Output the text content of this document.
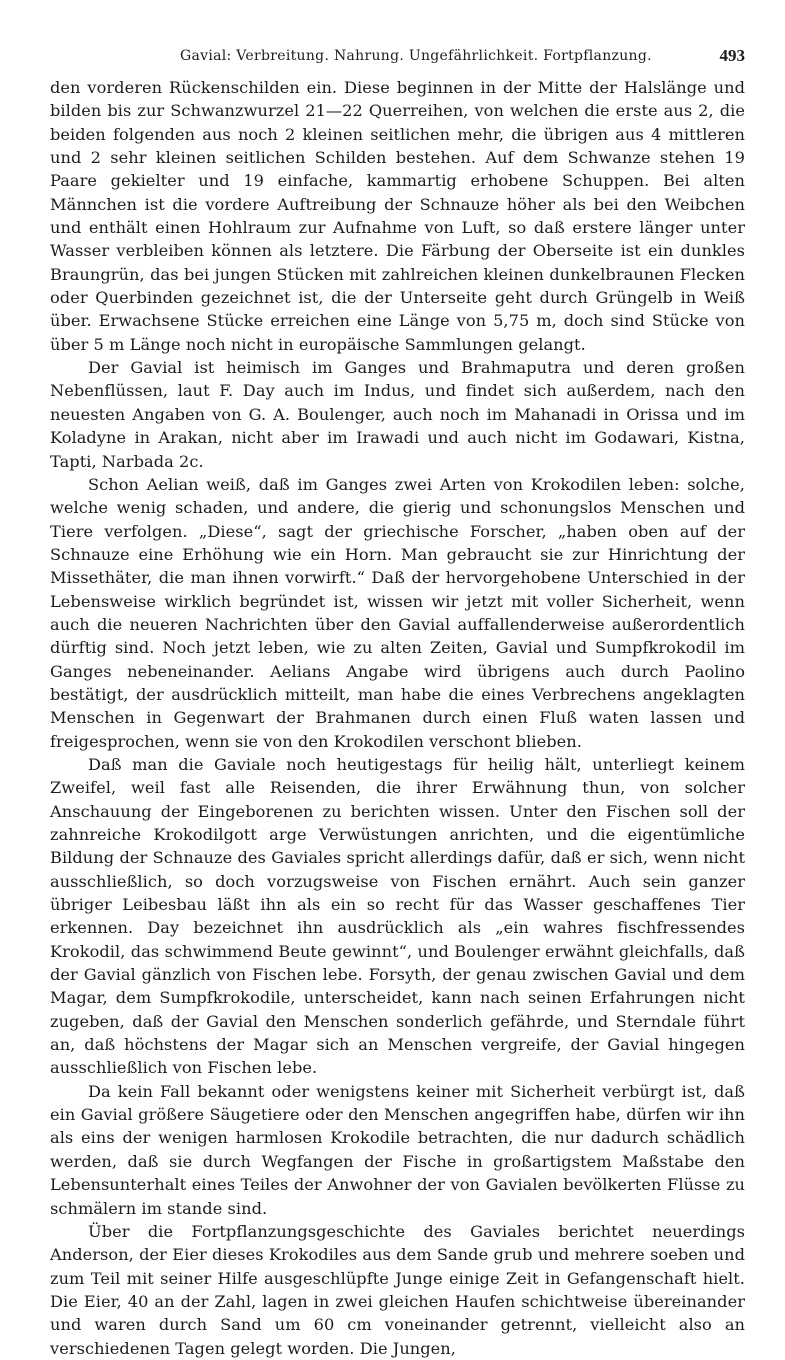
Gavial: Verbreitung. Nahrung. Ungefährlichkeit. Fortpflanzung.	493

den vorderen Rückenschilden ein. Diese beginnen in der Mitte der Halslänge und bilden bis zur Schwanzwurzel 21—22 Querreihen, von welchen die erste aus 2, die beiden folgenden aus noch 2 kleinen seitlichen mehr, die übrigen aus 4 mittleren und 2 sehr kleinen seitlichen Schilden bestehen. Auf dem Schwanze stehen 19 Paare gekielter und 19 einfache, kammartig erhobene Schuppen. Bei alten Männchen ist die vordere Auftreibung der Schnauze höher als bei den Weibchen und enthält einen Hohlraum zur Aufnahme von Luft, so daß erstere länger unter Wasser verbleiben können als letztere. Die Färbung der Oberseite ist ein dunkles Braungrün, das bei jungen Stücken mit zahlreichen kleinen dunkelbraunen Flecken oder Querbinden gezeichnet ist, die der Unterseite geht durch Grüngelb in Weiß über. Erwachsene Stücke erreichen eine Länge von 5,75 m, doch sind Stücke von über 5 m Länge noch nicht in europäische Sammlungen gelangt.

Der Gavial ist heimisch im Ganges und Brahmaputra und deren großen Nebenflüssen, laut F. Day auch im Indus, und findet sich außerdem, nach den neuesten Angaben von G. A. Boulenger, auch noch im Mahanadi in Orissa und im Koladyne in Arakan, nicht aber im Irawadi und auch nicht im Godawari, Kistna, Tapti, Narbada 2c.

Schon Aelian weiß, daß im Ganges zwei Arten von Krokodilen leben: solche, welche wenig schaden, und andere, die gierig und schonungslos Menschen und Tiere verfolgen. „Diese“, sagt der griechische Forscher, „haben oben auf der Schnauze eine Erhöhung wie ein Horn. Man gebraucht sie zur Hinrichtung der Missethäter, die man ihnen vorwirft.“ Daß der hervorgehobene Unterschied in der Lebensweise wirklich begründet ist, wissen wir jetzt mit voller Sicherheit, wenn auch die neueren Nachrichten über den Gavial auffallenderweise außerordentlich dürftig sind. Noch jetzt leben, wie zu alten Zeiten, Gavial und Sumpfkrokodil im Ganges nebeneinander. Aelians Angabe wird übrigens auch durch Paolino bestätigt, der ausdrücklich mitteilt, man habe die eines Verbrechens angeklagten Menschen in Gegenwart der Brahmanen durch einen Fluß waten lassen und freigesprochen, wenn sie von den Krokodilen verschont blieben.

Daß man die Gaviale noch heutigestags für heilig hält, unterliegt keinem Zweifel, weil fast alle Reisenden, die ihrer Erwähnung thun, von solcher Anschauung der Eingeborenen zu berichten wissen. Unter den Fischen soll der zahnreiche Krokodilgott arge Verwüstungen anrichten, und die eigentümliche Bildung der Schnauze des Gaviales spricht allerdings dafür, daß er sich, wenn nicht ausschließlich, so doch vorzugsweise von Fischen ernährt. Auch sein ganzer übriger Leibesbau läßt ihn als ein so recht für das Wasser geschaffenes Tier erkennen. Day bezeichnet ihn ausdrücklich als „ein wahres fischfressendes Krokodil, das schwimmend Beute gewinnt“, und Boulenger erwähnt gleichfalls, daß der Gavial gänzlich von Fischen lebe. Forsyth, der genau zwischen Gavial und dem Magar, dem Sumpfkrokodile, unterscheidet, kann nach seinen Erfahrungen nicht zugeben, daß der Gavial den Menschen sonderlich gefährde, und Sterndale führt an, daß höchstens der Magar sich an Menschen vergreife, der Gavial hingegen ausschließlich von Fischen lebe.

Da kein Fall bekannt oder wenigstens keiner mit Sicherheit verbürgt ist, daß ein Gavial größere Säugetiere oder den Menschen angegriffen habe, dürfen wir ihn als eins der wenigen harmlosen Krokodile betrachten, die nur dadurch schädlich werden, daß sie durch Wegfangen der Fische in großartigstem Maßstabe den Lebensunterhalt eines Teiles der Anwohner der von Gavialen bevölkerten Flüsse zu schmälern im stande sind.

Über die Fortpflanzungsgeschichte des Gaviales berichtet neuerdings Anderson, der Eier dieses Krokodiles aus dem Sande grub und mehrere soeben und zum Teil mit seiner Hilfe ausgeschlüpfte Junge einige Zeit in Gefangenschaft hielt. Die Eier, 40 an der Zahl, lagen in zwei gleichen Haufen schichtweise übereinander und waren durch Sand um 60 cm voneinander getrennt, vielleicht also an verschiedenen Tagen gelegt worden. Die Jungen,
